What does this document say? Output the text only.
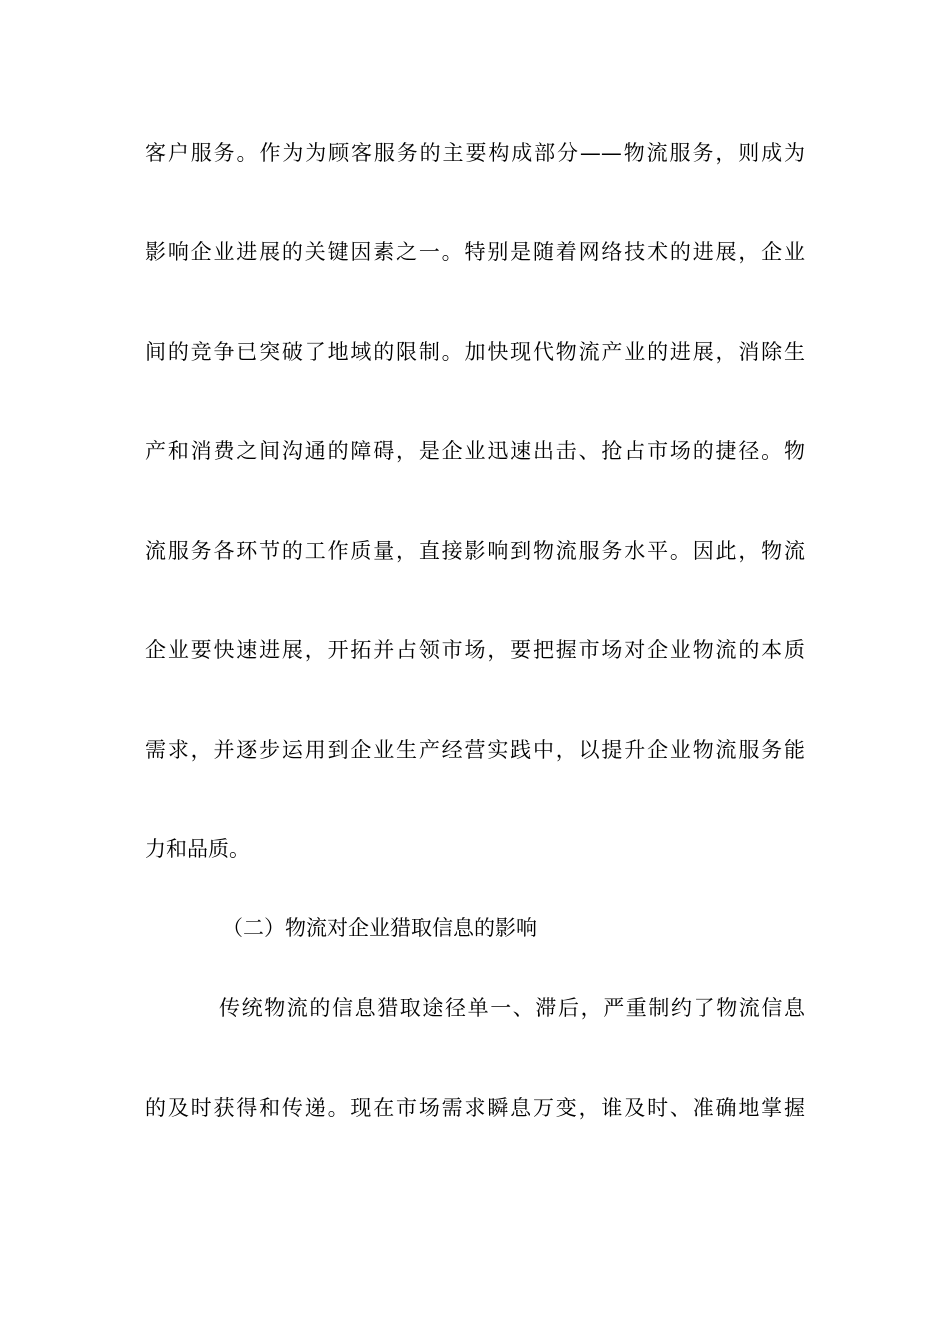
客户服务。作为为顾客服务的主要构成部分——物流服务，则成为
影响企业进展的关键因素之一。特别是随着网络技术的进展，企业
间的竞争已突破了地域的限制。加快现代物流产业的进展，消除生
产和消费之间沟通的障碍，是企业迅速出击、抢占市场的捷径。物
流服务各环节的工作质量，直接影响到物流服务水平。因此，物流
企业要快速进展，开拓并占领市场，要把握市场对企业物流的本质
需求，并逐步运用到企业生产经营实践中，以提升企业物流服务能
力和品质。
（二）物流对企业猎取信息的影响
传统物流的信息猎取途径单一、滞后，严重制约了物流信息
的及时获得和传递。现在市场需求瞬息万变，谁及时、准确地掌握
